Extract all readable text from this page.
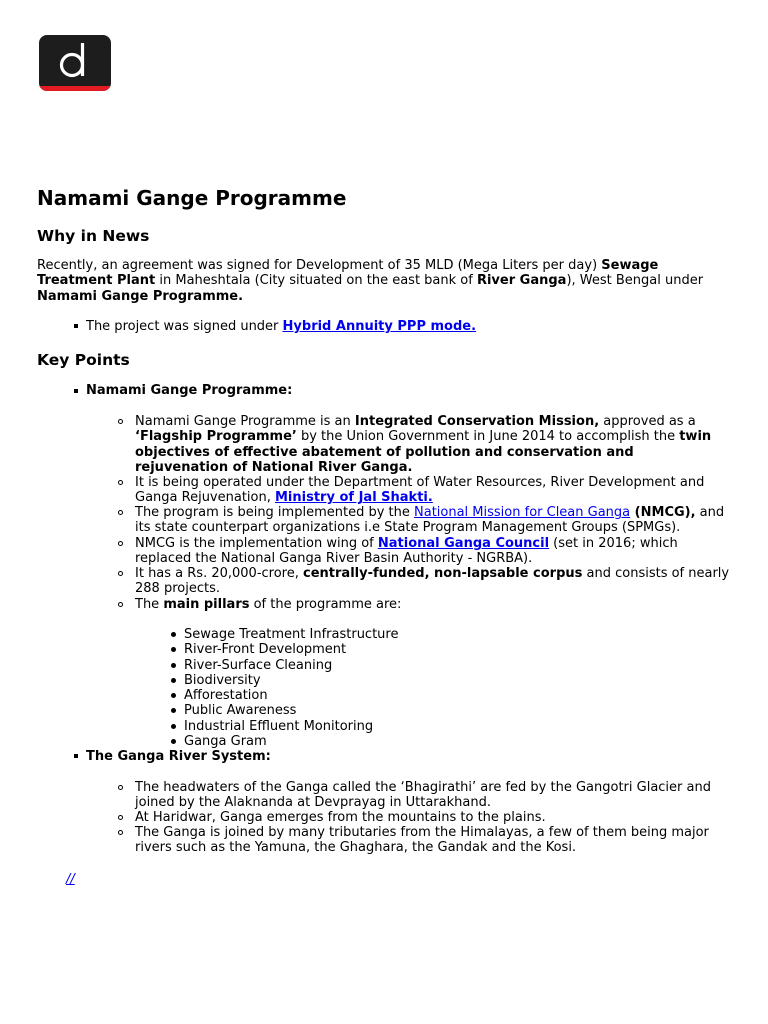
Namami Gange Programme
Why in News
Recently, an agreement was signed for Development of 35 MLD (Mega Liters per day) Sewage Treatment Plant in Maheshtala (City situated on the east bank of River Ganga), West Bengal under Namami Gange Programme.
The project was signed under Hybrid Annuity PPP mode.
Key Points
Namami Gange Programme:
Namami Gange Programme is an Integrated Conservation Mission, approved as a ‘Flagship Programme’ by the Union Government in June 2014 to accomplish the twin objectives of effective abatement of pollution and conservation and rejuvenation of National River Ganga.
It is being operated under the Department of Water Resources, River Development and Ganga Rejuvenation, Ministry of Jal Shakti.
The program is being implemented by the National Mission for Clean Ganga (NMCG), and its state counterpart organizations i.e State Program Management Groups (SPMGs).
NMCG is the implementation wing of National Ganga Council (set in 2016; which replaced the National Ganga River Basin Authority - NGRBA).
It has a Rs. 20,000-crore, centrally-funded, non-lapsable corpus and consists of nearly 288 projects.
The main pillars of the programme are:
Sewage Treatment Infrastructure
River-Front Development
River-Surface Cleaning
Biodiversity
Afforestation
Public Awareness
Industrial Effluent Monitoring
Ganga Gram
The Ganga River System:
The headwaters of the Ganga called the ‘Bhagirathi’ are fed by the Gangotri Glacier and joined by the Alaknanda at Devprayag in Uttarakhand.
At Haridwar, Ganga emerges from the mountains to the plains.
The Ganga is joined by many tributaries from the Himalayas, a few of them being major rivers such as the Yamuna, the Ghaghara, the Gandak and the Kosi.
//
